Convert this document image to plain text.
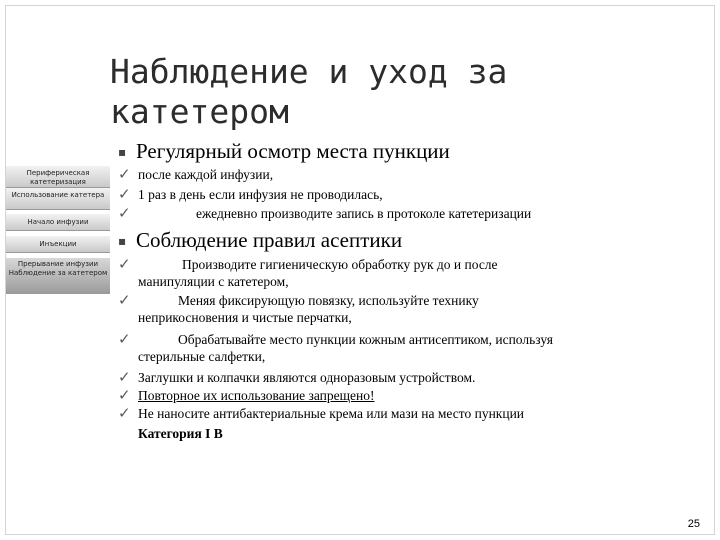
Наблюдение и уход за катетером
Периферическая катетеризация
Использование катетера
Начало инфузии
Инъекции
Прерывание инфузии Наблюдение за катетером
▪ Регулярный осмотр места пункции
✓ после каждой инфузии,
✓ 1 раз в день если инфузия не проводилась,
✓	ежедневно производите запись в протоколе катетеризации
▪ Соблюдение правил асептики
✓	Производите гигиеническую обработку рук до и после
манипуляции с катетером,
✓	Меняя фиксирующую повязку, используйте технику
неприкосновения и чистые перчатки,
✓	Обрабатывайте место пункции кожным антисептиком, используя
стерильные салфетки,
✓ Заглушки и колпачки являются одноразовым устройством.
✓ Повторное их использование запрещено!
✓ Не наносите антибактериальные крема или мази на место пункции
Категория I B
25
